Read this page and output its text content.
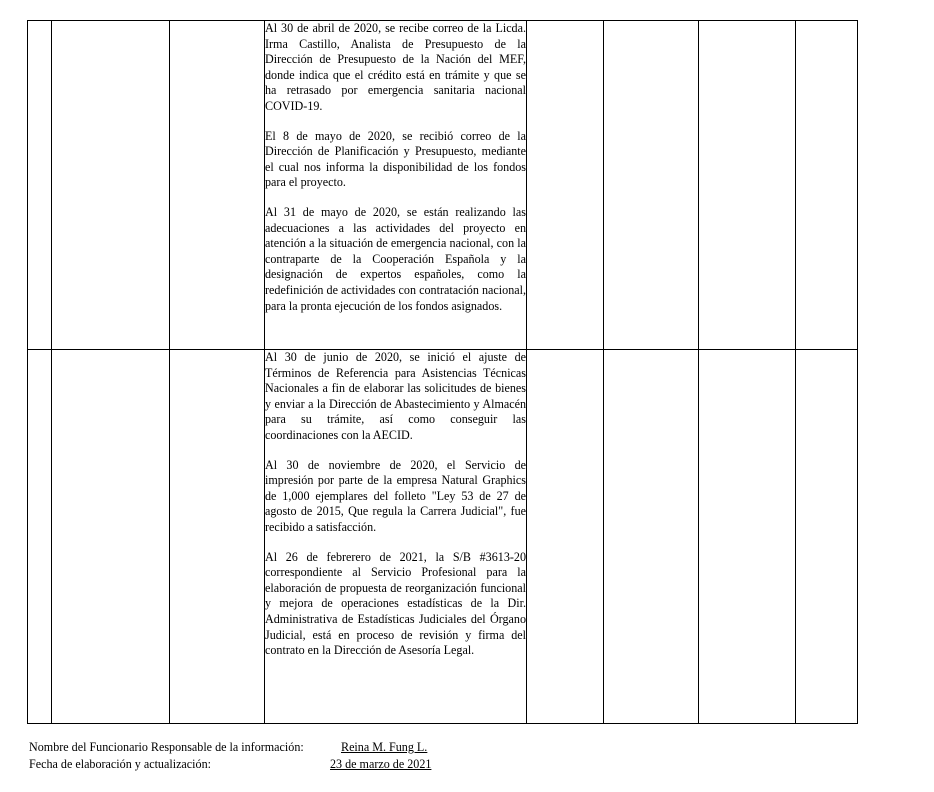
			Al 30 de abril de 2020, se recibe correo de la Licda. Irma Castillo, Analista de Presupuesto de la Dirección de Presupuesto de la Nación del MEF, donde indica que el crédito está en trámite y que se ha retrasado por emergencia sanitaria nacional COVID-19.

El 8 de mayo de 2020, se recibió correo de la Dirección de Planificación y Presupuesto, mediante el cual nos informa la disponibilidad de los fondos para el proyecto.

Al 31 de mayo de 2020, se están realizando las adecuaciones a las actividades del proyecto en atención a la situación de emergencia nacional, con la contraparte de la Cooperación Española y la designación de expertos españoles, como la redefinición de actividades con contratación nacional, para la pronta ejecución de los fondos asignados.				

			Al 30 de junio de 2020, se inició el ajuste de Términos de Referencia para Asistencias Técnicas Nacionales a fin de elaborar las solicitudes de bienes y enviar a la Dirección de Abastecimiento y Almacén para su trámite, así como conseguir las coordinaciones con la AECID.

Al 30 de noviembre de 2020, el Servicio de impresión por parte de la empresa Natural Graphics de 1,000 ejemplares del folleto "Ley 53 de 27 de agosto de 2015, Que regula la Carrera Judicial", fue recibido a satisfacción.

Al 26 de febrerero de 2021, la S/B #3613-20 correspondiente al Servicio Profesional para la elaboración de propuesta de reorganización funcional y mejora de operaciones estadísticas de la Dir. Administrativa de Estadísticas Judiciales del Órgano Judicial, está en proceso de revisión y firma del contrato en la Dirección de Asesoría Legal.				

Nombre del Funcionario Responsable de la información:	Reina M. Fung L.
Fecha de elaboración y actualización:	23 de marzo de 2021
